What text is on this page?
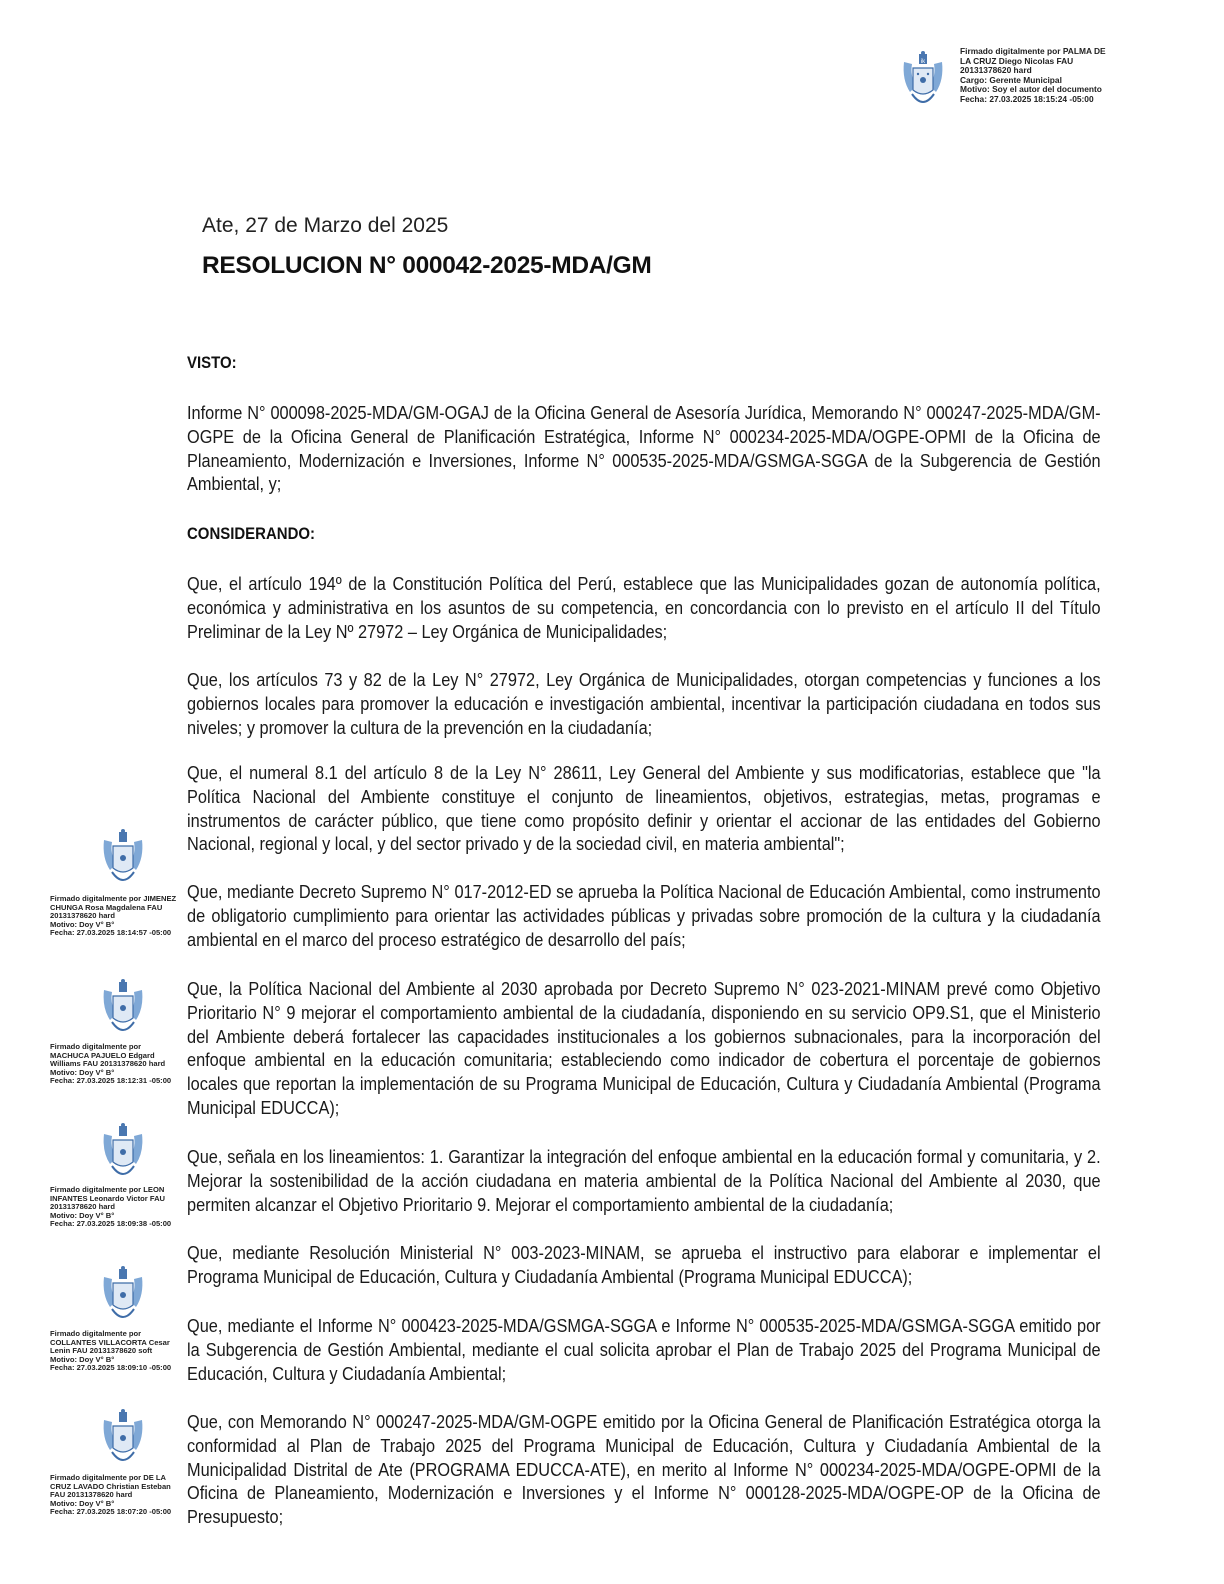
ik
Firmado digitalmente por PALMA DE
LA CRUZ Diego Nicolas FAU
20131378620 hard
Cargo: Gerente Municipal
Motivo: Soy el autor del documento
Fecha: 27.03.2025 18:15:24 -05:00
Ate, 27 de Marzo del 2025
RESOLUCION N° 000042-2025-MDA/GM
VISTO:
Informe N° 000098-2025-MDA/GM-OGAJ de la Oficina General de Asesoría Jurídica, Memorando N° 000247-2025-MDA/GM-OGPE de la Oficina General de Planificación Estratégica, Informe N° 000234-2025-MDA/OGPE-OPMI de la Oficina de Planeamiento, Modernización e Inversiones, Informe N° 000535-2025-MDA/GSMGA-SGGA de la Subgerencia de Gestión Ambiental, y;
CONSIDERANDO:
Que, el artículo 194º de la Constitución Política del Perú, establece que las Municipalidades gozan de autonomía política, económica y administrativa en los asuntos de su competencia, en concordancia con lo previsto en el artículo II del Título Preliminar de la Ley Nº 27972 – Ley Orgánica de Municipalidades;
Que, los artículos 73 y 82 de la Ley N° 27972, Ley Orgánica de Municipalidades, otorgan competencias y funciones a los gobiernos locales para promover la educación e investigación ambiental, incentivar la participación ciudadana en todos sus niveles; y promover la cultura de la prevención en la ciudadanía;
Que, el numeral 8.1 del artículo 8 de la Ley N° 28611, Ley General del Ambiente y sus modificatorias, establece que "la Política Nacional del Ambiente constituye el conjunto de lineamientos, objetivos, estrategias, metas, programas e instrumentos de carácter público, que tiene como propósito definir y orientar el accionar de las entidades del Gobierno Nacional, regional y local, y del sector privado y de la sociedad civil, en materia ambiental";
Que, mediante Decreto Supremo N° 017-2012-ED se aprueba la Política Nacional de Educación Ambiental, como instrumento de obligatorio cumplimiento para orientar las actividades públicas y privadas sobre promoción de la cultura y la ciudadanía ambiental en el marco del proceso estratégico de desarrollo del país;
Que, la Política Nacional del Ambiente al 2030 aprobada por Decreto Supremo N° 023-2021-MINAM prevé como Objetivo Prioritario N° 9 mejorar el comportamiento ambiental de la ciudadanía, disponiendo en su servicio OP9.S1, que el Ministerio del Ambiente deberá fortalecer las capacidades institucionales a los gobiernos subnacionales, para la incorporación del enfoque ambiental en la educación comunitaria; estableciendo como indicador de cobertura el porcentaje de gobiernos locales que reportan la implementación de su Programa Municipal de Educación, Cultura y Ciudadanía Ambiental (Programa Municipal EDUCCA);
Que, señala en los lineamientos: 1. Garantizar la integración del enfoque ambiental en la educación formal y comunitaria, y 2. Mejorar la sostenibilidad de la acción ciudadana en materia ambiental de la Política Nacional del Ambiente al 2030, que permiten alcanzar el Objetivo Prioritario 9. Mejorar el comportamiento ambiental de la ciudadanía;
Que, mediante Resolución Ministerial N° 003-2023-MINAM, se aprueba el instructivo para elaborar e implementar el Programa Municipal de Educación, Cultura y Ciudadanía Ambiental (Programa Municipal EDUCCA);
Que, mediante el Informe N° 000423-2025-MDA/GSMGA-SGGA e Informe N° 000535-2025-MDA/GSMGA-SGGA emitido por la Subgerencia de Gestión Ambiental, mediante el cual solicita aprobar el Plan de Trabajo 2025 del Programa Municipal de Educación, Cultura y Ciudadanía Ambiental;
Que, con Memorando N° 000247-2025-MDA/GM-OGPE emitido por la Oficina General de Planificación Estratégica otorga la conformidad al Plan de Trabajo 2025 del Programa Municipal de Educación, Cultura y Ciudadanía Ambiental de la Municipalidad Distrital de Ate (PROGRAMA EDUCCA-ATE), en merito al Informe N° 000234-2025-MDA/OGPE-OPMI de la Oficina de Planeamiento, Modernización e Inversiones y el Informe N° 000128-2025-MDA/OGPE-OP de la Oficina de Presupuesto;
Firmado digitalmente por JIMENEZ
CHUNGA Rosa Magdalena FAU
20131378620 hard
Motivo: Doy V° B°
Fecha: 27.03.2025 18:14:57 -05:00
Firmado digitalmente por
MACHUCA PAJUELO Edgard
Williams FAU 20131378620 hard
Motivo: Doy V° B°
Fecha: 27.03.2025 18:12:31 -05:00
Firmado digitalmente por LEON
INFANTES Leonardo Victor FAU
20131378620 hard
Motivo: Doy V° B°
Fecha: 27.03.2025 18:09:38 -05:00
Firmado digitalmente por
COLLANTES VILLACORTA Cesar
Lenin FAU 20131378620 soft
Motivo: Doy V° B°
Fecha: 27.03.2025 18:09:10 -05:00
Firmado digitalmente por DE LA
CRUZ LAVADO Christian Esteban
FAU 20131378620 hard
Motivo: Doy V° B°
Fecha: 27.03.2025 18:07:20 -05:00
